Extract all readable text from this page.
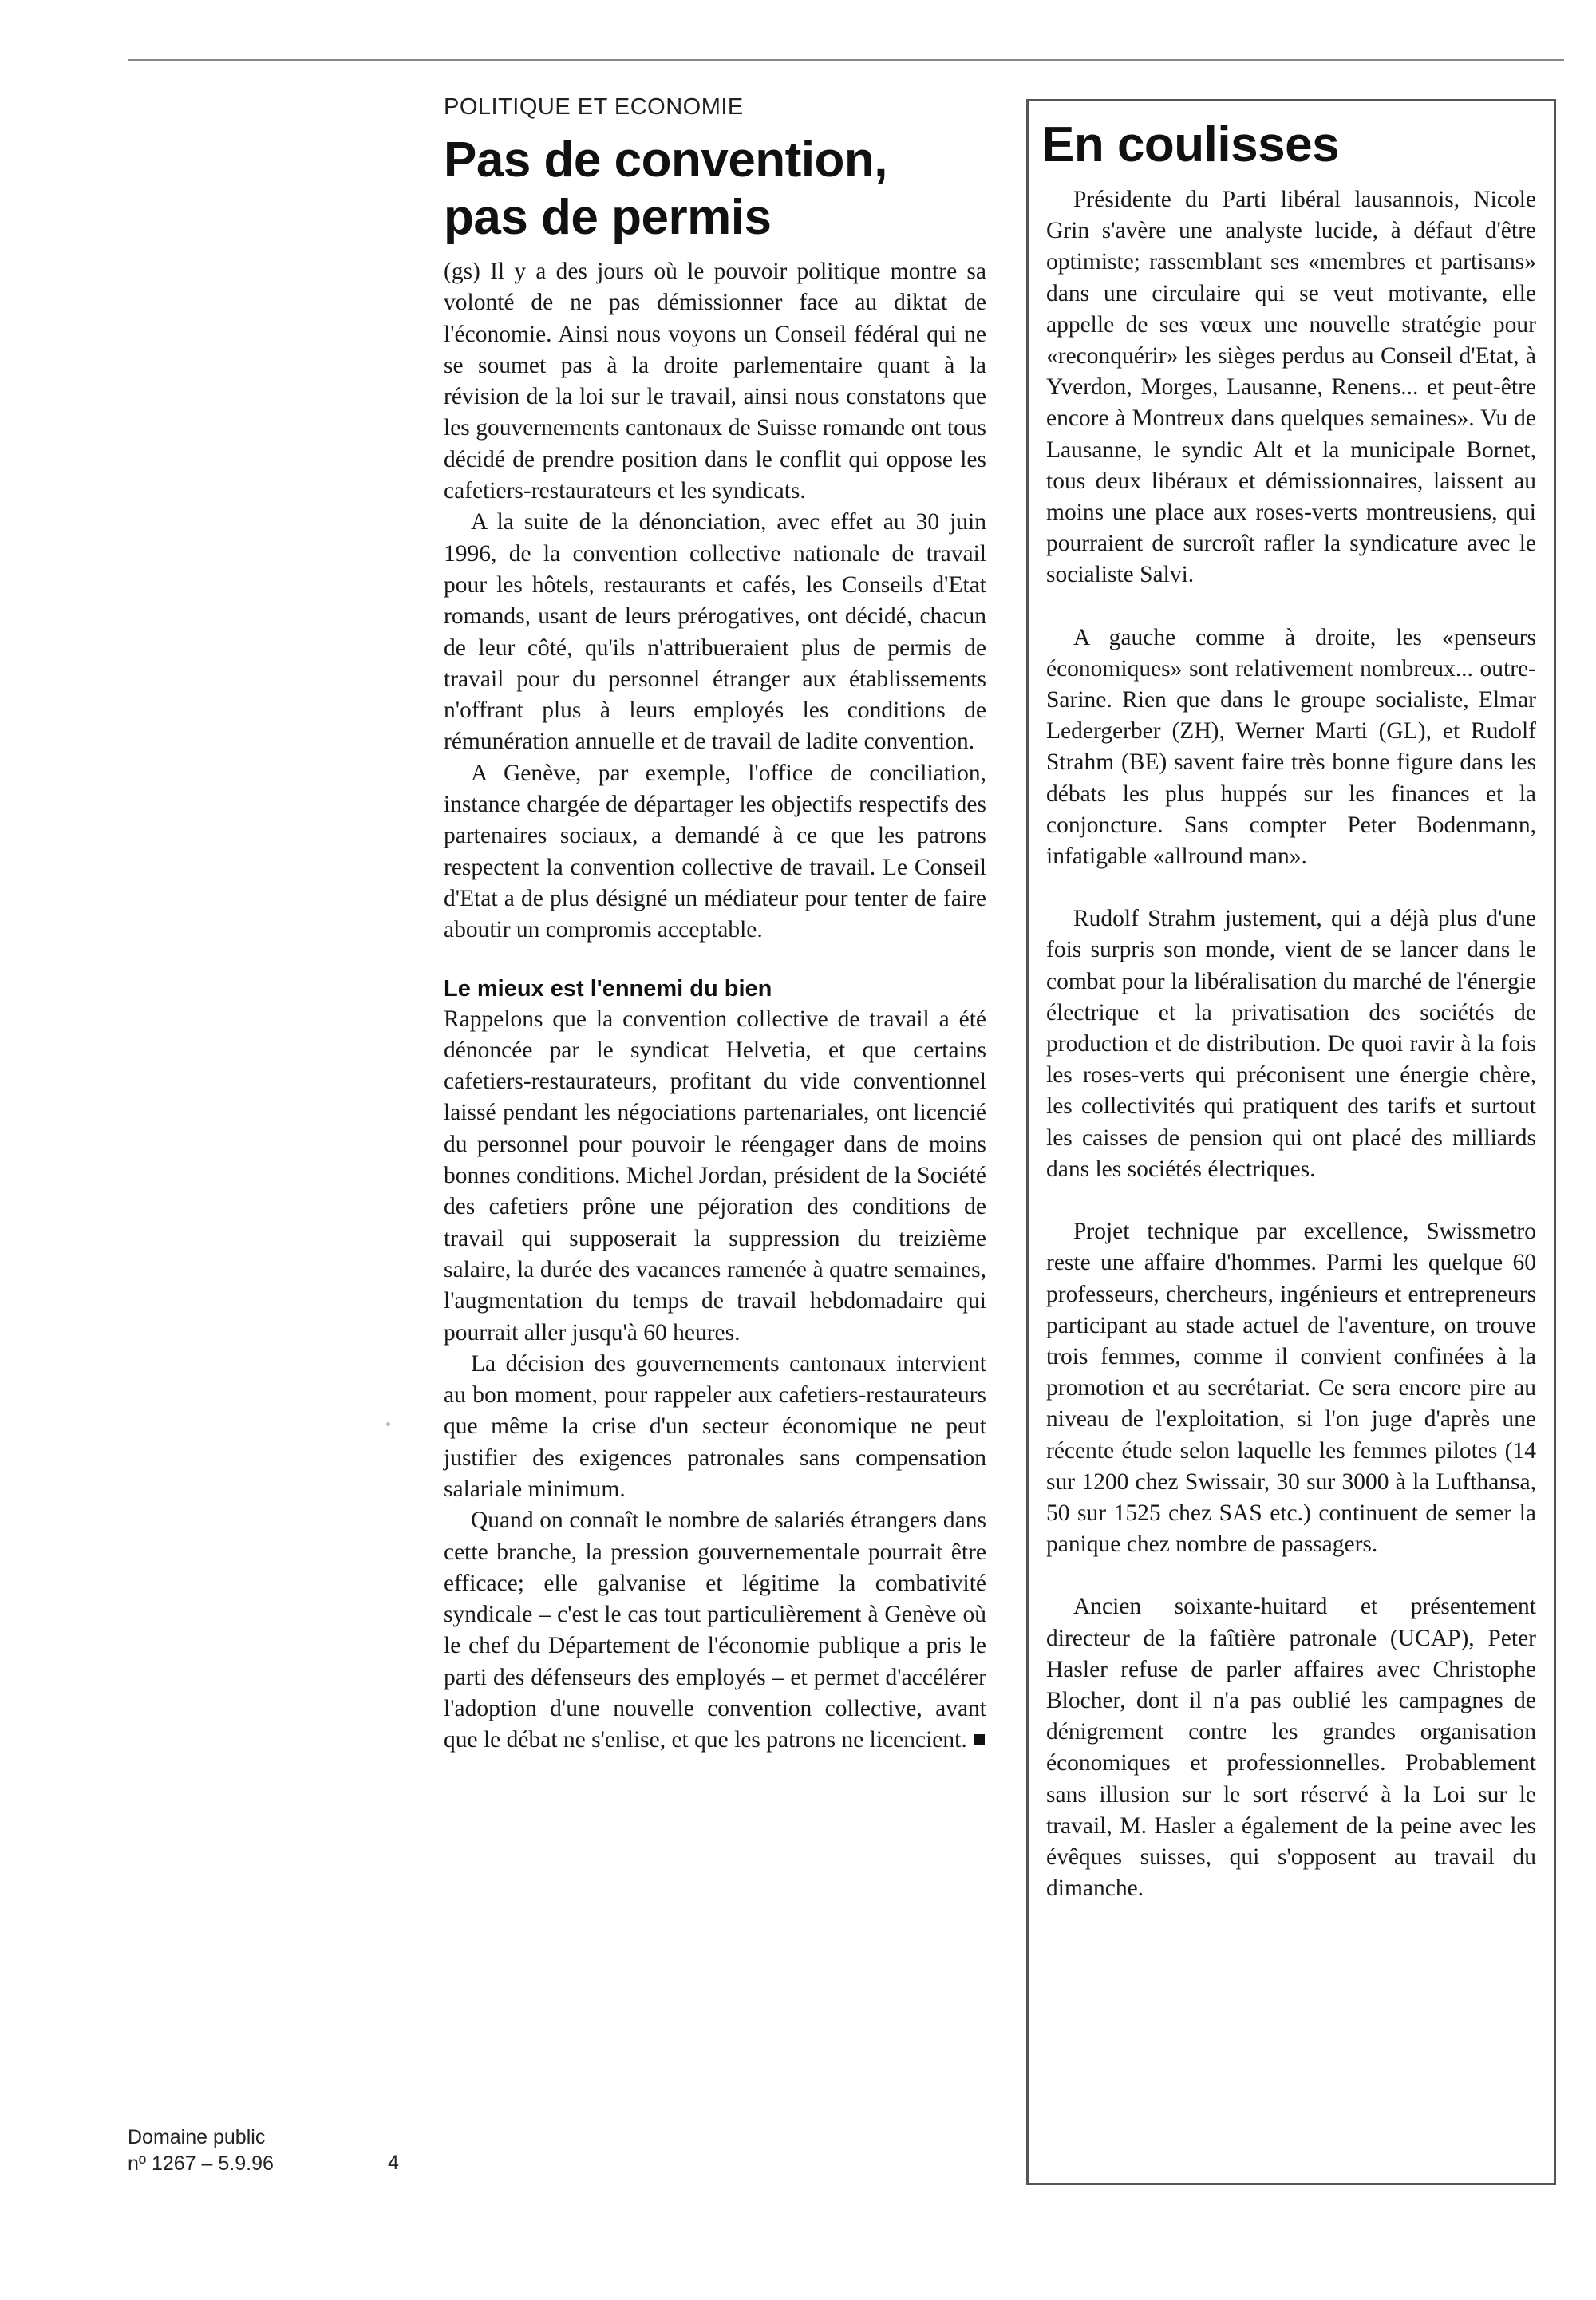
POLITIQUE ET ECONOMIE
Pas de convention,
pas de permis

(gs) Il y a des jours où le pouvoir politique montre sa volonté de ne pas démissionner face au diktat de l'économie. Ainsi nous voyons un Conseil fédéral qui ne se soumet pas à la droite parlementaire quant à la révision de la loi sur le travail, ainsi nous constatons que les gouvernements cantonaux de Suisse romande ont tous décidé de prendre position dans le conflit qui oppose les cafetiers-restaurateurs et les syndicats.

A la suite de la dénonciation, avec effet au 30 juin 1996, de la convention collective nationale de travail pour les hôtels, restaurants et cafés, les Conseils d'Etat romands, usant de leurs prérogatives, ont décidé, chacun de leur côté, qu'ils n'attribueraient plus de permis de travail pour du personnel étranger aux établissements n'offrant plus à leurs employés les conditions de rémunération annuelle et de travail de ladite convention.

A Genève, par exemple, l'office de conciliation, instance chargée de départager les objectifs respectifs des partenaires sociaux, a demandé à ce que les patrons respectent la convention collective de travail. Le Conseil d'Etat a de plus désigné un médiateur pour tenter de faire aboutir un compromis acceptable.

Le mieux est l'ennemi du bien

Rappelons que la convention collective de travail a été dénoncée par le syndicat Helvetia, et que certains cafetiers-restaurateurs, profitant du vide conventionnel laissé pendant les négociations partenariales, ont licencié du personnel pour pouvoir le réengager dans de moins bonnes conditions. Michel Jordan, président de la Société des cafetiers prône une péjoration des conditions de travail qui supposerait la suppression du treizième salaire, la durée des vacances ramenée à quatre semaines, l'augmentation du temps de travail hebdomadaire qui pourrait aller jusqu'à 60 heures.

La décision des gouvernements cantonaux intervient au bon moment, pour rappeler aux cafetiers-restaurateurs que même la crise d'un secteur économique ne peut justifier des exigences patronales sans compensation salariale minimum.

Quand on connaît le nombre de salariés étrangers dans cette branche, la pression gouvernementale pourrait être efficace; elle galvanise et légitime la combativité syndicale – c'est le cas tout particulièrement à Genève où le chef du Département de l'économie publique a pris le parti des défenseurs des employés – et permet d'accélérer l'adoption d'une nouvelle convention collective, avant que le débat ne s'enlise, et que les patrons ne licencient.

En coulisses

Présidente du Parti libéral lausannois, Nicole Grin s'avère une analyste lucide, à défaut d'être optimiste; rassemblant ses «membres et partisans» dans une circulaire qui se veut motivante, elle appelle de ses vœux une nouvelle stratégie pour «reconquérir» les sièges perdus au Conseil d'Etat, à Yverdon, Morges, Lausanne, Renens... et peut-être encore à Montreux dans quelques semaines». Vu de Lausanne, le syndic Alt et la municipale Bornet, tous deux libéraux et démissionnaires, laissent au moins une place aux roses-verts montreusiens, qui pourraient de surcroît rafler la syndicature avec le socialiste Salvi.

A gauche comme à droite, les «penseurs économiques» sont relativement nombreux... outre-Sarine. Rien que dans le groupe socialiste, Elmar Ledergerber (ZH), Werner Marti (GL), et Rudolf Strahm (BE) savent faire très bonne figure dans les débats les plus huppés sur les finances et la conjoncture. Sans compter Peter Bodenmann, infatigable «allround man».

Rudolf Strahm justement, qui a déjà plus d'une fois surpris son monde, vient de se lancer dans le combat pour la libéralisation du marché de l'énergie électrique et la privatisation des sociétés de production et de distribution. De quoi ravir à la fois les roses-verts qui préconisent une énergie chère, les collectivités qui pratiquent des tarifs et surtout les caisses de pension qui ont placé des milliards dans les sociétés électriques.

Projet technique par excellence, Swissmetro reste une affaire d'hommes. Parmi les quelque 60 professeurs, chercheurs, ingénieurs et entrepreneurs participant au stade actuel de l'aventure, on trouve trois femmes, comme il convient confinées à la promotion et au secrétariat. Ce sera encore pire au niveau de l'exploitation, si l'on juge d'après une récente étude selon laquelle les femmes pilotes (14 sur 1200 chez Swissair, 30 sur 3000 à la Lufthansa, 50 sur 1525 chez SAS etc.) continuent de semer la panique chez nombre de passagers.

Ancien soixante-huitard et présentement directeur de la faîtière patronale (UCAP), Peter Hasler refuse de parler affaires avec Christophe Blocher, dont il n'a pas oublié les campagnes de dénigrement contre les grandes organisation économiques et professionnelles. Probablement sans illusion sur le sort réservé à la Loi sur le travail, M. Hasler a également de la peine avec les évêques suisses, qui s'opposent au travail du dimanche.

Domaine public
nº 1267 – 5.9.96	4
